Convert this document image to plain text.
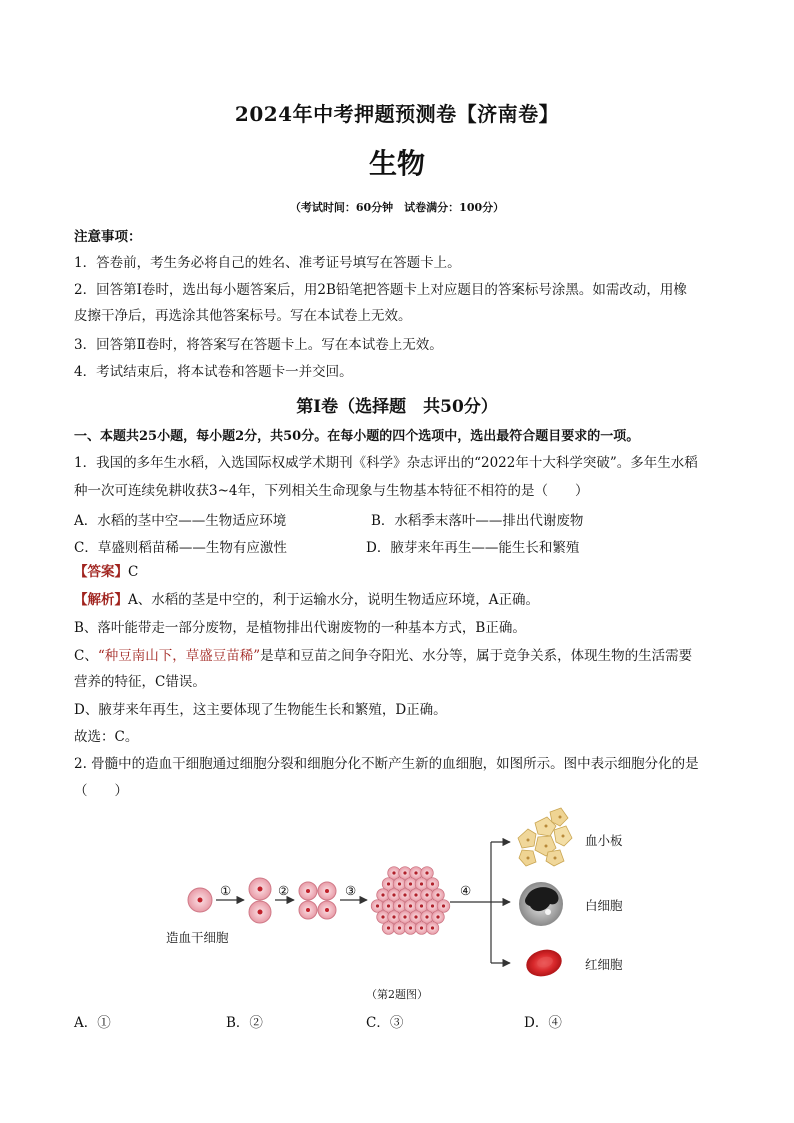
2024年中考押题预测卷【济南卷】
生物
（考试时间：60分钟　试卷满分：100分）
注意事项：
1．答卷前，考生务必将自己的姓名、准考证号填写在答题卡上。
2．回答第Ⅰ卷时，选出每小题答案后，用2B铅笔把答题卡上对应题目的答案标号涂黑。如需改动，用橡
皮擦干净后，再选涂其他答案标号。写在本试卷上无效。
3．回答第Ⅱ卷时，将答案写在答题卡上。写在本试卷上无效。
4．考试结束后，将本试卷和答题卡一并交回。
第Ⅰ卷（选择题　共50分）
一、本题共25小题，每小题2分，共50分。在每小题的四个选项中，选出最符合题目要求的一项。
1．我国的多年生水稻，入选国际权威学术期刊《科学》杂志评出的“2022年十大科学突破”。多年生水稻
种一次可连续免耕收获3~4年，下列相关生命现象与生物基本特征不相符的是（　　）
A．水稻的茎中空——生物适应环境	B．水稻季末落叶——排出代谢废物
C．草盛则稻苗稀——生物有应激性	D．腋芽来年再生——能生长和繁殖
【答案】C
【解析】A、水稻的茎是中空的，利于运输水分，说明生物适应环境，A正确。
B、落叶能带走一部分废物，是植物排出代谢废物的一种基本方式，B正确。
C、“种豆南山下，草盛豆苗稀”是草和豆苗之间争夺阳光、水分等，属于竞争关系，体现生物的生活需要
营养的特征，C错误。
D、腋芽来年再生，这主要体现了生物能生长和繁殖，D正确。
故选：C。
2. 骨髓中的造血干细胞通过细胞分裂和细胞分化不断产生新的血细胞，如图所示。图中表示细胞分化的是
（　　）
①	②	③	④
造血干细胞
血小板
白细胞
红细胞
（第2题图）
A．①	B．②	C．③	D．④
